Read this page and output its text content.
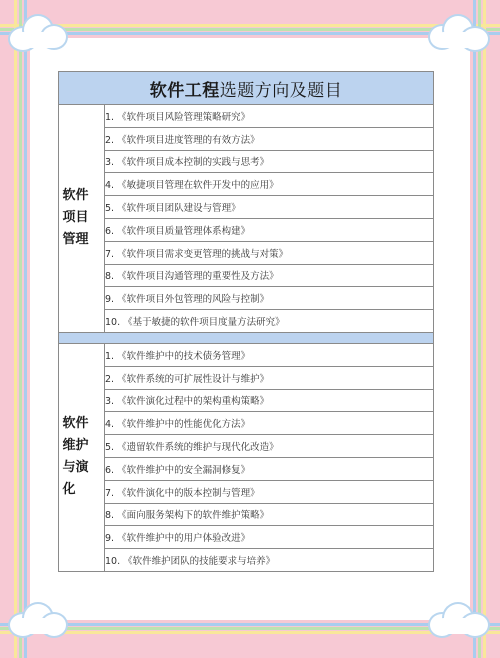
软件工程选题方向及题目	
软件项目管理	1. 《软件项目风险管理策略研究》
	2. 《软件项目进度管理的有效方法》
	3. 《软件项目成本控制的实践与思考》
	4. 《敏捷项目管理在软件开发中的应用》
	5. 《软件项目团队建设与管理》
	6. 《软件项目质量管理体系构建》
	7. 《软件项目需求变更管理的挑战与对策》
	8. 《软件项目沟通管理的重要性及方法》
	9. 《软件项目外包管理的风险与控制》
	10. 《基于敏捷的软件项目度量方法研究》

软件维护与演化	1. 《软件维护中的技术债务管理》
	2. 《软件系统的可扩展性设计与维护》
	3. 《软件演化过程中的架构重构策略》
	4. 《软件维护中的性能优化方法》
	5. 《遗留软件系统的维护与现代化改造》
	6. 《软件维护中的安全漏洞修复》
	7. 《软件演化中的版本控制与管理》
	8. 《面向服务架构下的软件维护策略》
	9. 《软件维护中的用户体验改进》
	10. 《软件维护团队的技能要求与培养》
